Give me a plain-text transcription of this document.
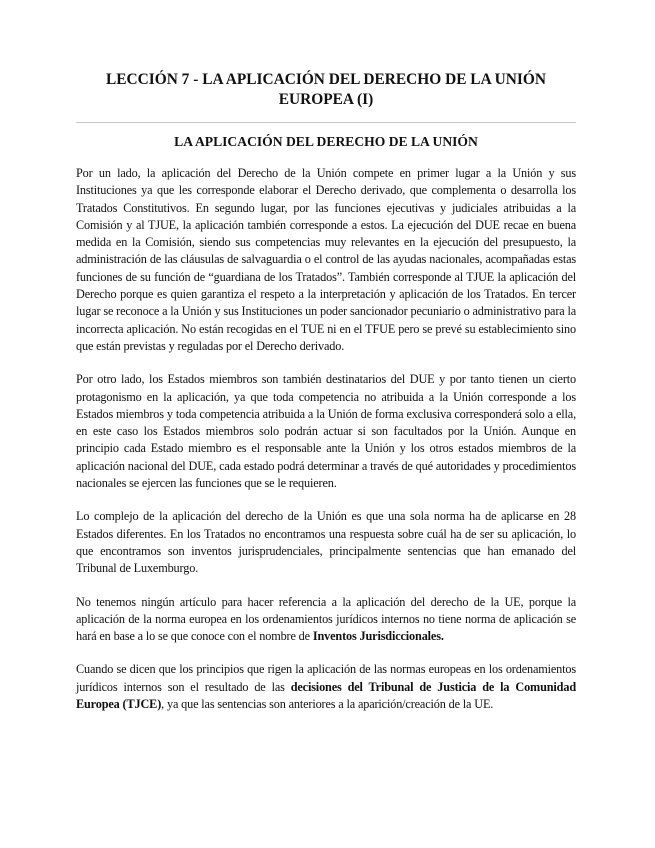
LECCIÓN 7 - LA APLICACIÓN DEL DERECHO DE LA UNIÓN EUROPEA (I)
LA APLICACIÓN DEL DERECHO DE LA UNIÓN

Por un lado, la aplicación del Derecho de la Unión compete en primer lugar a la Unión y sus Instituciones ya que les corresponde elaborar el Derecho derivado, que complementa o desarrolla los Tratados Constitutivos. En segundo lugar, por las funciones ejecutivas y judiciales atribuidas a la Comisión y al TJUE, la aplicación también corresponde a estos. La ejecución del DUE recae en buena medida en la Comisión, siendo sus competencias muy relevantes en la ejecución del presupuesto, la administración de las cláusulas de salvaguardia o el control de las ayudas nacionales, acompañadas estas funciones de su función de “guardiana de los Tratados”. También corresponde al TJUE la aplicación del Derecho porque es quien garantiza el respeto a la interpretación y aplicación de los Tratados. En tercer lugar se reconoce a la Unión y sus Instituciones un poder sancionador pecuniario o administrativo para la incorrecta aplicación. No están recogidas en el TUE ni en el TFUE pero se prevé su establecimiento sino que están previstas y reguladas por el Derecho derivado.

Por otro lado, los Estados miembros son también destinatarios del DUE y por tanto tienen un cierto protagonismo en la aplicación, ya que toda competencia no atribuida a la Unión corresponde a los Estados miembros y toda competencia atribuida a la Unión de forma exclusiva corresponderá solo a ella, en este caso los Estados miembros solo podrán actuar si son facultados por la Unión. Aunque en principio cada Estado miembro es el responsable ante la Unión y los otros estados miembros de la aplicación nacional del DUE, cada estado podrá determinar a través de qué autoridades y procedimientos nacionales se ejercen las funciones que se le requieren.

Lo complejo de la aplicación del derecho de la Unión es que una sola norma ha de aplicarse en 28 Estados diferentes. En los Tratados no encontramos una respuesta sobre cuál ha de ser su aplicación, lo que encontramos son inventos jurisprudenciales, principalmente sentencias que han emanado del Tribunal de Luxemburgo.

No tenemos ningún artículo para hacer referencia a la aplicación del derecho de la UE, porque la aplicación de la norma europea en los ordenamientos jurídicos internos no tiene norma de aplicación se hará en base a lo se que conoce con el nombre de Inventos Jurisdiccionales.

Cuando se dicen que los principios que rigen la aplicación de las normas europeas en los ordenamientos jurídicos internos son el resultado de las decisiones del Tribunal de Justicia de la Comunidad Europea (TJCE), ya que las sentencias son anteriores a la aparición/creación de la UE.
